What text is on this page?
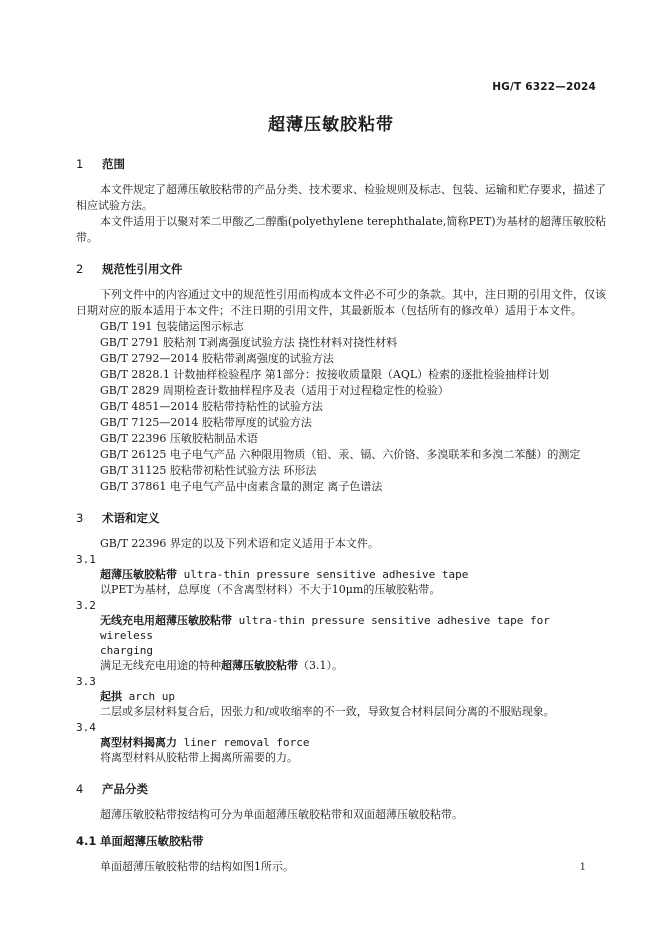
HG/T 6322—2024
超薄压敏胶粘带
1 范围

本文件规定了超薄压敏胶粘带的产品分类、技术要求、检验规则及标志、包装、运输和贮存要求，描述了相应试验方法。

本文件适用于以聚对苯二甲酸乙二醇酯(polyethylene terephthalate,简称PET)为基材的超薄压敏胶粘带。

2 规范性引用文件

下列文件中的内容通过文中的规范性引用而构成本文件必不可少的条款。其中，注日期的引用文件，仅该日期对应的版本适用于本文件；不注日期的引用文件，其最新版本（包括所有的修改单）适用于本文件。

GB/T 191 包装储运图示标志
GB/T 2791 胶粘剂 T剥离强度试验方法 挠性材料对挠性材料
GB/T 2792—2014 胶粘带剥离强度的试验方法
GB/T 2828.1 计数抽样检验程序 第1部分：按接收质量限（AQL）检索的逐批检验抽样计划
GB/T 2829 周期检查计数抽样程序及表（适用于对过程稳定性的检验）
GB/T 4851—2014 胶粘带持粘性的试验方法
GB/T 7125—2014 胶粘带厚度的试验方法
GB/T 22396 压敏胶粘制品术语
GB/T 26125 电子电气产品 六种限用物质（铅、汞、镉、六价铬、多溴联苯和多溴二苯醚）的测定
GB/T 31125 胶粘带初粘性试验方法 环形法
GB/T 37861 电子电气产品中卤素含量的测定 离子色谱法
3 术语和定义
GB/T 22396 界定的以及下列术语和定义适用于本文件。
3.1
超薄压敏胶粘带 ultra-thin pressure sensitive adhesive tape
以PET为基材，总厚度（不含离型材料）不大于10μm的压敏胶粘带。
3.2
无线充电用超薄压敏胶粘带 ultra-thin pressure sensitive adhesive tape for wireless
charging
满足无线充电用途的特种超薄压敏胶粘带（3.1）。
3.3
起拱 arch up
二层或多层材料复合后，因张力和/或收缩率的不一致，导致复合材料层间分离的不服贴现象。
3.4
离型材料揭离力 liner removal force
将离型材料从胶粘带上揭离所需要的力。
4 产品分类
超薄压敏胶粘带按结构可分为单面超薄压敏胶粘带和双面超薄压敏胶粘带。
4.1 单面超薄压敏胶粘带
单面超薄压敏胶粘带的结构如图1所示。	1
